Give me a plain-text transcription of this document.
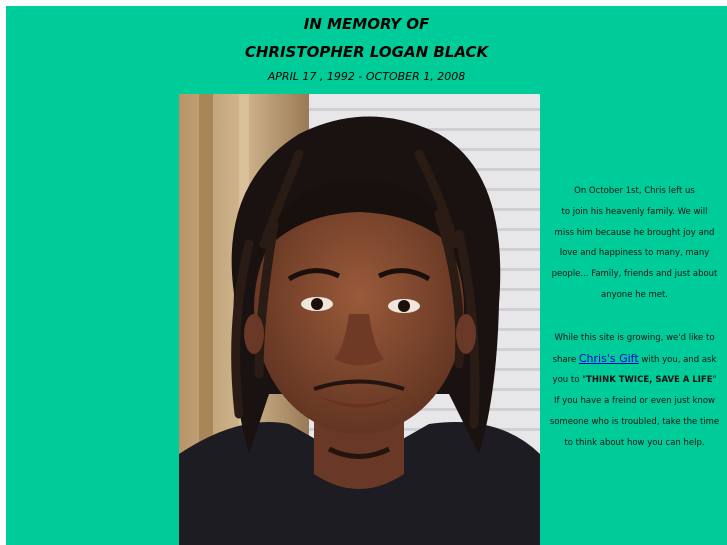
IN MEMORY OF
CHRISTOPHER LOGAN BLACK
APRIL 17 , 1992 - OCTOBER 1, 2008

On October 1st, Chris left us

to join his heavenly family. We will

miss him because he brought joy and

love and happiness to many, many

people... Family, friends and just about

anyone he met.

While this site is growing, we'd like to

share Chris's Gift with you, and ask

you to "THINK TWICE, SAVE A LIFE"

If you have a freind or even just know

someone who is troubled, take the time

to think about how you can help.
